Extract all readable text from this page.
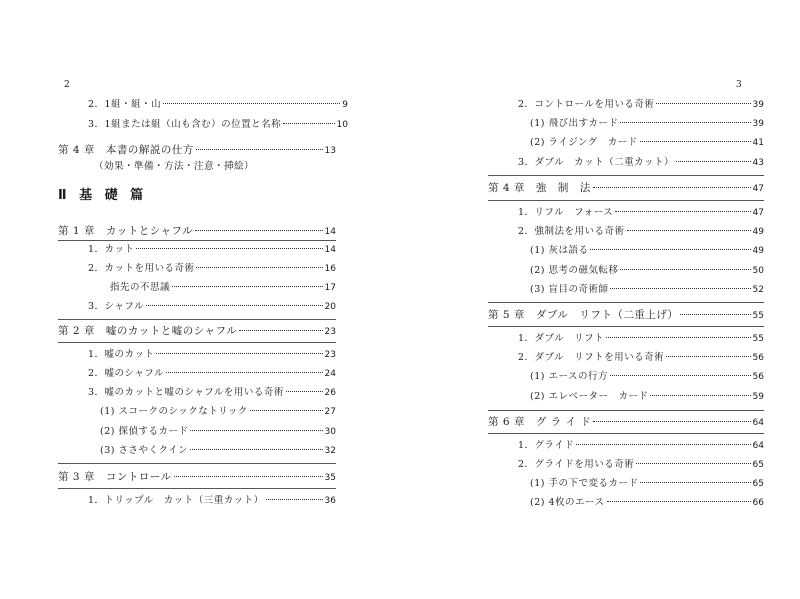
2
2．1組・組・山	9
3．1組または組（山も含む）の位置と名称	10
第 4 章　本書の解説の仕方	13
（効果・準備・方法・注意・挿絵）
Ⅱ 基 礎 篇
第 1 章　カットとシャフル	14
1．カット	14
2．カットを用いる奇術	16
指先の不思議	17
3．シャフル	20
第 2 章　嘘のカットと嘘のシャフル	23
1．嘘のカット	23
2．嘘のシャフル	24
3．嘘のカットと嘘のシャフルを用いる奇術	26
(1) スコークのシックなトリック	27
(2) 探偵するカード	30
(3) ささやくクイン	32
第 3 章　コントロール	35
1．トリップル　カット（三重カット）	36
3
2．コントロールを用いる奇術	39
(1) 飛び出すカード	39
(2) ライジング　カード	41
3．ダブル　カット（二重カット）	43
第 4 章　強　制　法	47
1．リフル　フォース	47
2．強制法を用いる奇術	49
(1) 灰は語る	49
(2) 思考の磁気転移	50
(3) 盲目の奇術師	52
第 5 章　ダブル　リフト（二重上げ）	55
1．ダブル　リフト	55
2．ダブル　リフトを用いる奇術	56
(1) エースの行方	56
(2) エレベーター　カード	59
第 6 章　グ ラ イ ド	64
1．グライド	64
2．グライドを用いる奇術	65
(1) 手の下で変るカード	65
(2) 4枚のエース	66
